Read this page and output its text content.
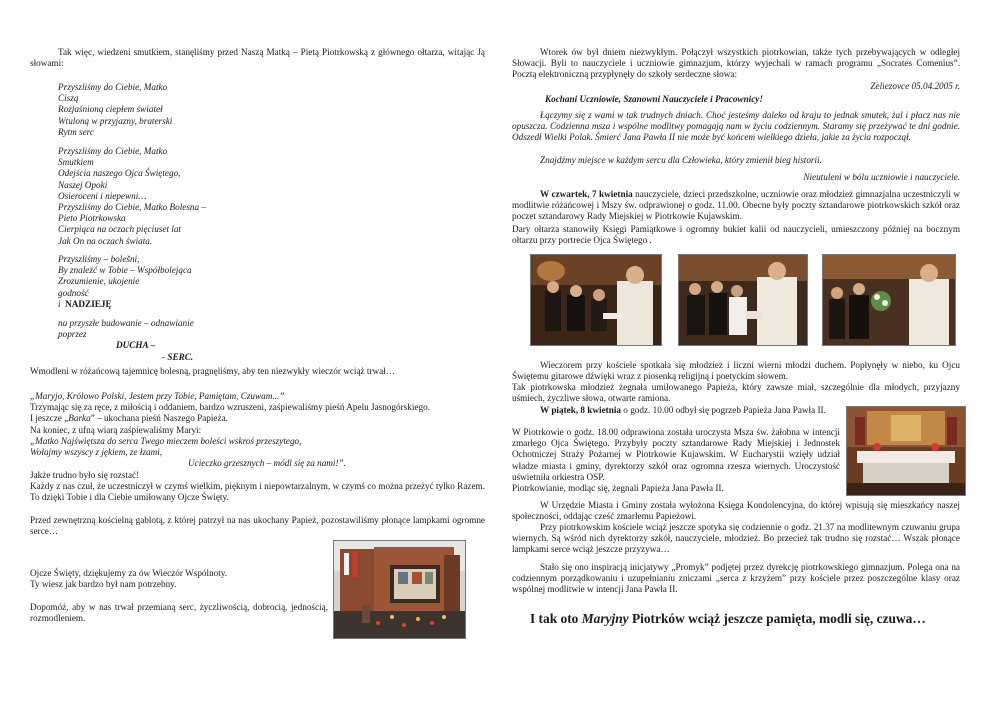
Tak więc, wiedzeni smutkiem, stanęliśmy przed Naszą Matką – Pietą Piotrkowską z głównego ołtarza, witając Ją słowami:

Przyszliśmy do Ciebie, Matko
Ciszą
Rozjaśnioną ciepłem świateł
Wtuloną w przyjazny, braterski
Rytm serc
Przyszliśmy do Ciebie, Matko
Smutkiem
Odejścia naszego Ojca Świętego,
Naszej Opoki
Osieroceni i niepewni…
Przyszliśmy do Ciebie, Matko Bolesna –
Pieto Piotrkowska
Cierpiąca na oczach pięciuset lat
Jak On na oczach świata.
Przyszliśmy – bolešni,
By znaleźć w Tobie – Współbolejąca
Zrozumienie, ukojenie
godność
i NADZIEJĘ
na przyszłe budowanie – odnawianie
poprzez
DUCHA –
- SERC.

Wmodleni w różańcową tajemnicę bolesną, pragnęliśmy, aby ten niezwykły wieczór wciąż trwał…

„Maryjo, Królowo Polski, Jestem przy Tobie, Pamiętam, Czuwam...”
Trzymając się za ręce, z miłością i oddaniem, bardzo wzruszeni, zaśpiewaliśmy pieśń Apelu Jasnogórskiego.
I jeszcze „Barka” – ukochana pieśń Naszego Papieża.
Na koniec, z ufną wiarą zaśpiewaliśmy Maryi:
„Matko Najświętsza do serca Twego mieczem boleści wskroś przeszytego,
Wołajmy wszyscy z jękiem, ze łzami,
Ucieczko grzesznych – módl się za nami!”.
Jakże trudno było się rozstać!
Każdy z nas czuł, że uczestniczył w czymś wielkim, pięknym i niepowtarzalnym, w czymś co można przeżyć tylko Razem. To dzięki Tobie i dla Ciebie umiłowany Ojcze Święty.

Przed zewnętrzną kościelną gablotą, z której patrzył na nas ukochany Papież, pozostawiliśmy płonące lampkami ogromne serce…

Ojcze Święty, dziękujemy za ów Wieczór Wspólnoty.
Ty wiesz jak bardzo był nam potrzebny.

Dopomóż, aby w nas trwał przemianą serc, życzliwością, dobrocią, jednością, rozmodleniem.

Wtorek ów był dniem niezwykłym. Połączył wszystkich piotrkowian, także tych przebywających w odległej Słowacji. Byli to nauczyciele i uczniowie gimnazjum, którzy wyjechali w ramach programu „Socrates Comenius”. Pocztą elektroniczną przypłynęły do szkoły serdeczne słowa:

Zeliezovce 05.04.2005 r.

Kochani Uczniowie, Szanowni Nauczyciele i Pracownicy!

Łączymy się z wami w tak trudnych dniach. Choć jesteśmy daleko od kraju to jednak smutek, żal i płacz nas nie opuszcza. Codzienna msza i wspólne modlitwy pomagają nam w życiu codziennym. Staramy się przeżywać te dni godnie. Odszedł Wielki Polak. Śmierć Jana Pawła II nie może być końcem wielkiego dzieła, jakie za życia rozpoczął.

Znajdźmy miejsce w każdym sercu dla Człowieka, który zmienił bieg historii.

Nieutuleni w bólu uczniowie i nauczyciele.

W czwartek, 7 kwietnia nauczyciele, dzieci przedszkolne, uczniowie oraz młodzież gimnazjalna uczestniczyli w modlitwie różańcowej i Mszy św. odprawionej o godz. 11.00. Obecne były poczty sztandarowe piotrkowskich szkół oraz poczet sztandarowy Rady Miejskiej w Piotrkowie Kujawskim.

Dary ołtarza stanowiły Księgi Pamiątkowe i ogromny bukiet kalii od nauczycieli, umieszczony później na bocznym ołtarzu przy portrecie Ojca Świętego .

Wieczorem przy kościele spotkała się młodzież i liczni wierni młodzi duchem. Popłynęły w niebo, ku Ojcu Świętemu gitarowe dźwięki wraz z piosenką religijną i poetyckim słowem.

Tak piotrkowska młodzież żegnała umiłowanego Papieża, który zawsze miał, szczególnie dla młodych, przyjazny uśmiech, życzliwe słowa, otwarte ramiona.

W piątek, 8 kwietnia o godz. 10.00 odbył się pogrzeb Papieża Jana Pawła II.

W Piotrkowie o godz. 18.00 odprawiona została uroczysta Msza św. żałobna w intencji zmarłego Ojca Świętego. Przybyły poczty sztandarowe Rady Miejskiej i Jednostek Ochotniczej Straży Pożarnej w Piotrkowie Kujawskim. W Eucharystii wzięły udział władze miasta i gminy, dyrektorzy szkół oraz ogromna rzesza wiernych. Uroczystość uświetniła orkiestra OSP.

Piotrkowianie, modląc się, żegnali Papieża Jana Pawła II.

W Urzędzie Miasta i Gminy została wyłożona Księga Kondolencyjna, do której wpisują się mieszkańcy naszej społeczności, oddając cześć zmarłemu Papieżowi.

Przy piotrkowskim kościele wciąż jeszcze spotyka się codziennie o godz. 21.37 na modlitewnym czuwaniu grupa wiernych. Są wśród nich dyrektorzy szkół, nauczyciele, młodzież. Bo przecież tak trudno się rozstać… Wszak płonące lampkami serce wciąż jeszcze przyzywa…

Stało się ono inspiracją inicjatywy „Promyk” podjętej przez dyrekcję piotrkowskiego gimnazjum. Polega ona na codziennym porządkowaniu i uzupełnianiu zniczami „serca z krzyżem” przy kościele przez poszczególne klasy oraz wspólnej modlitwie w intencji Jana Pawła II.

I tak oto Maryjny Piotrków wciąż jeszcze pamięta, modli się, czuwa…
